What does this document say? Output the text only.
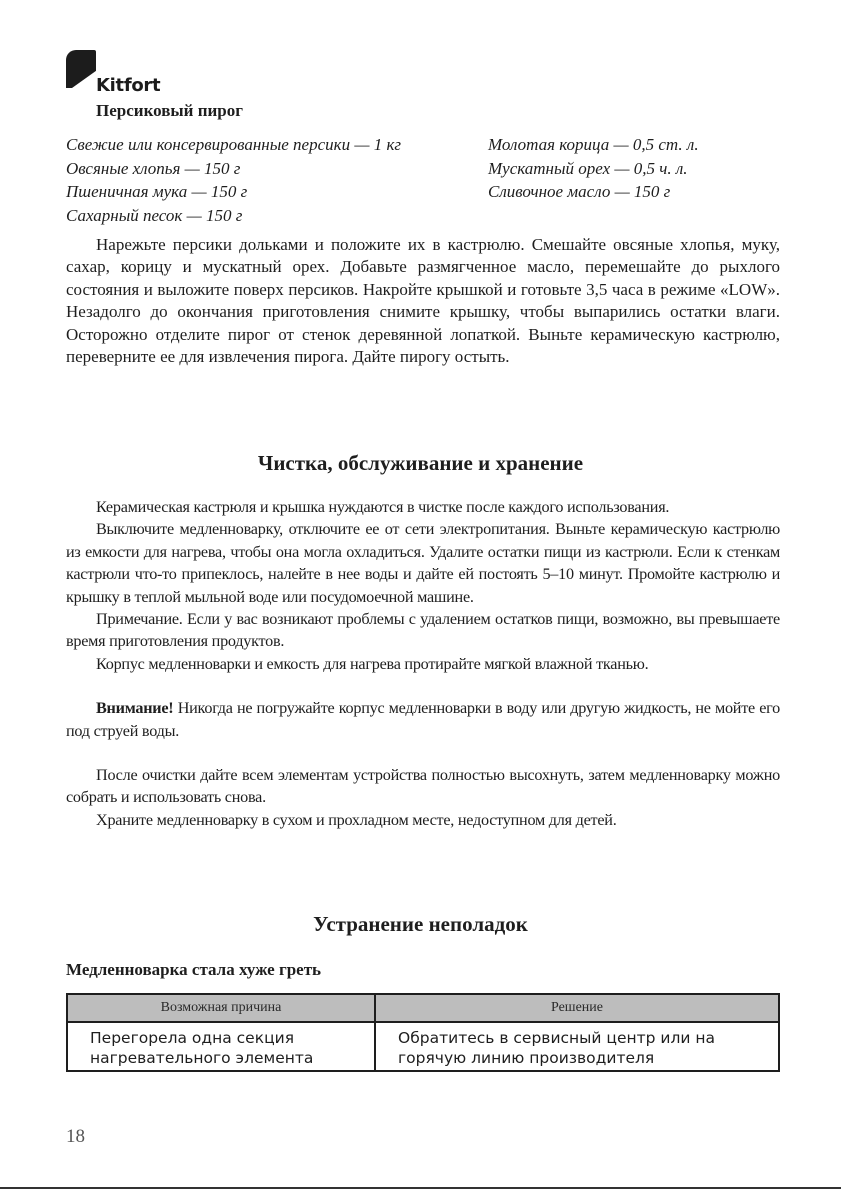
Kitfort
Персиковый пирог
Свежие или консервированные персики — 1 кг
Овсяные хлопья — 150 г
Пшеничная мука — 150 г
Сахарный песок — 150 г
Молотая корица — 0,5 ст. л.
Мускатный орех — 0,5 ч. л.
Сливочное масло — 150 г

Нарежьте персики дольками и положите их в кастрюлю. Смешайте овсяные хлопья, муку, сахар, корицу и мускатный орех. Добавьте размягченное масло, перемешайте до рыхлого состояния и выложите поверх персиков. Накройте крышкой и готовьте 3,5 часа в режиме «LOW». Незадолго до окончания приготовления снимите крышку, чтобы выпарились остатки влаги. Осторожно отделите пирог от стенок деревянной лопаткой. Выньте керамическую кастрюлю, переверните ее для извлечения пирога. Дайте пирогу остыть.

Чистка, обслуживание и хранение

Керамическая кастрюля и крышка нуждаются в чистке после каждого использования.

Выключите медленноварку, отключите ее от сети электропитания. Выньте керамическую кастрюлю из емкости для нагрева, чтобы она могла охладиться. Удалите остатки пищи из кастрюли. Если к стенкам кастрюли что-то припеклось, налейте в нее воды и дайте ей постоять 5–10 минут. Промойте кастрюлю и крышку в теплой мыльной воде или посудомоечной машине.

Примечание. Если у вас возникают проблемы с удалением остатков пищи, возможно, вы превышаете время приготовления продуктов.

Корпус медленноварки и емкость для нагрева протирайте мягкой влажной тканью.

Внимание! Никогда не погружайте корпус медленноварки в воду или другую жидкость, не мойте его под струей воды.

После очистки дайте всем элементам устройства полностью высохнуть, затем медленноварку можно собрать и использовать снова.

Храните медленноварку в сухом и прохладном месте, недоступном для детей.

Устранение неполадок
Медленноварка стала хуже греть
Возможная причина	Решение
Перегорела одна секция нагревательного элемента	Обратитесь в сервисный центр или на горячую линию производителя
18
